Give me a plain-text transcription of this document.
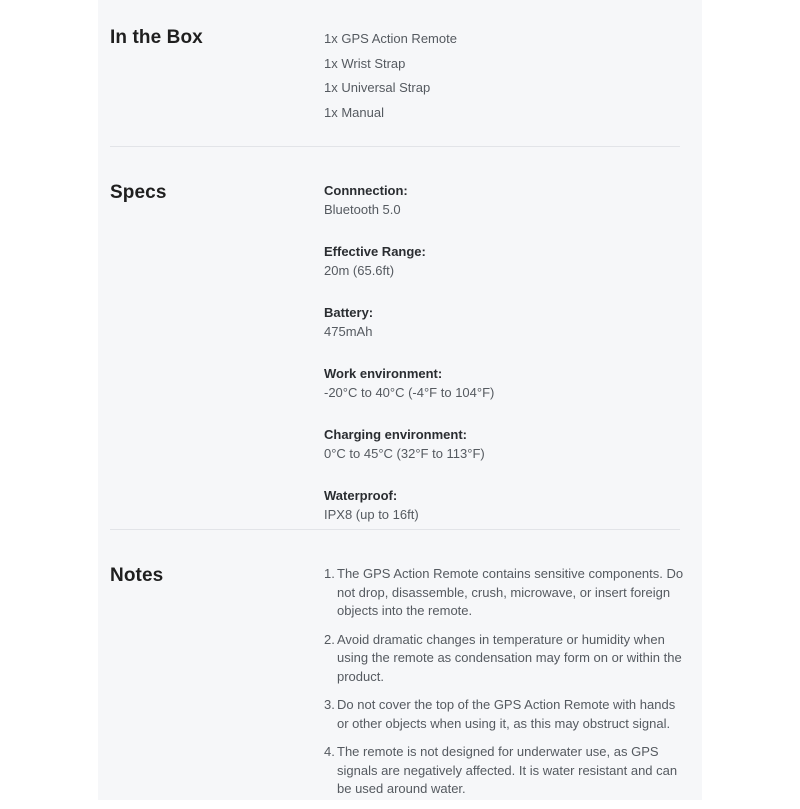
In the Box	1x GPS Action Remote
1x Wrist Strap
1x Universal Strap
1x Manual
Specs	Connnection:
Bluetooth 5.0
Effective Range:
20m (65.6ft)
Battery:
475mAh
Work environment:
-20°C to 40°C (-4°F to 104°F)
Charging environment:
0°C to 45°C (32°F to 113°F)
Waterproof:
IPX8 (up to 16ft)
Notes	1. The GPS Action Remote contains sensitive components. Do not drop, disassemble, crush, microwave, or insert foreign objects into the remote.
2. Avoid dramatic changes in temperature or humidity when using the remote as condensation may form on or within the product.
3. Do not cover the top of the GPS Action Remote with hands or other objects when using it, as this may obstruct signal.
4. The remote is not designed for underwater use, as GPS signals are negatively affected. It is water resistant and can be used around water.
